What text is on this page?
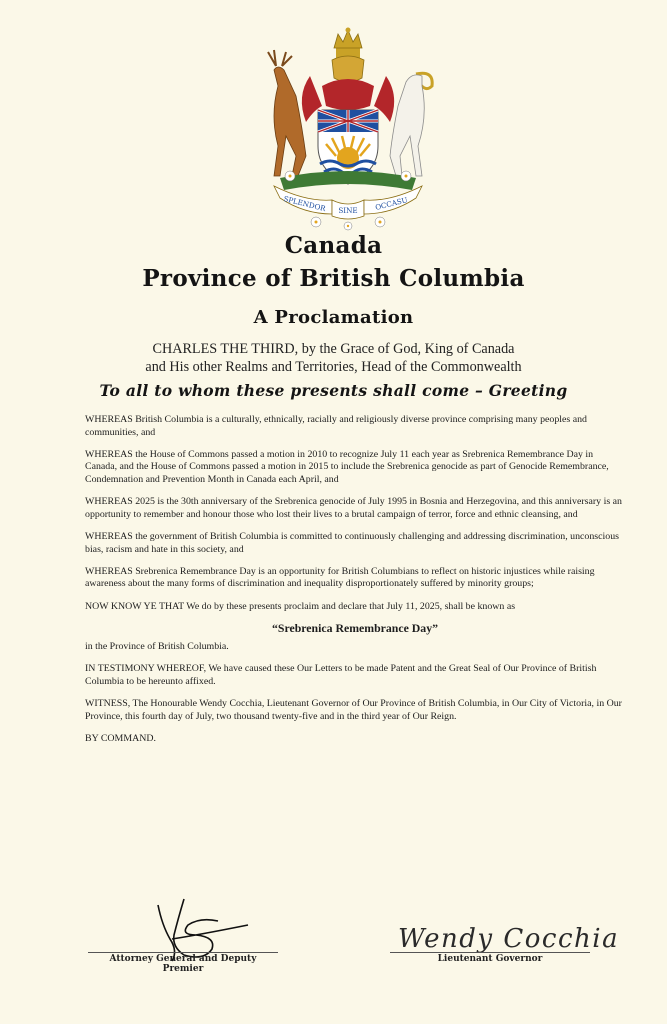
SPLENDOR SINE OCCASU
Canada
Province of British Columbia
A Proclamation
CHARLES THE THIRD, by the Grace of God, King of Canada
and His other Realms and Territories, Head of the Commonwealth
To all to whom these presents shall come – Greeting

WHEREAS British Columbia is a culturally, ethnically, racially and religiously diverse province comprising many peoples and communities, and

WHEREAS the House of Commons passed a motion in 2010 to recognize July 11 each year as Srebrenica Remembrance Day in Canada, and the House of Commons passed a motion in 2015 to include the Srebrenica genocide as part of Genocide Remembrance, Condemnation and Prevention Month in Canada each April, and

WHEREAS 2025 is the 30th anniversary of the Srebrenica genocide of July 1995 in Bosnia and Herzegovina, and this anniversary is an opportunity to remember and honour those who lost their lives to a brutal campaign of terror, force and ethnic cleansing, and

WHEREAS the government of British Columbia is committed to continuously challenging and addressing discrimination, unconscious bias, racism and hate in this society, and

WHEREAS Srebrenica Remembrance Day is an opportunity for British Columbians to reflect on historic injustices while raising awareness about the many forms of discrimination and inequality disproportionately suffered by minority groups;

NOW KNOW YE THAT We do by these presents proclaim and declare that July 11, 2025, shall be known as

“Srebrenica Remembrance Day”

in the Province of British Columbia.

IN TESTIMONY WHEREOF, We have caused these Our Letters to be made Patent and the Great Seal of Our Province of British Columbia to be hereunto affixed.

WITNESS, The Honourable Wendy Cocchia, Lieutenant Governor of Our Province of British Columbia, in Our City of Victoria, in Our Province, this fourth day of July, two thousand twenty-five and in the third year of Our Reign.

BY COMMAND.

Attorney General and Deputy Premier
Wendy Cocchia
Lieutenant Governor
